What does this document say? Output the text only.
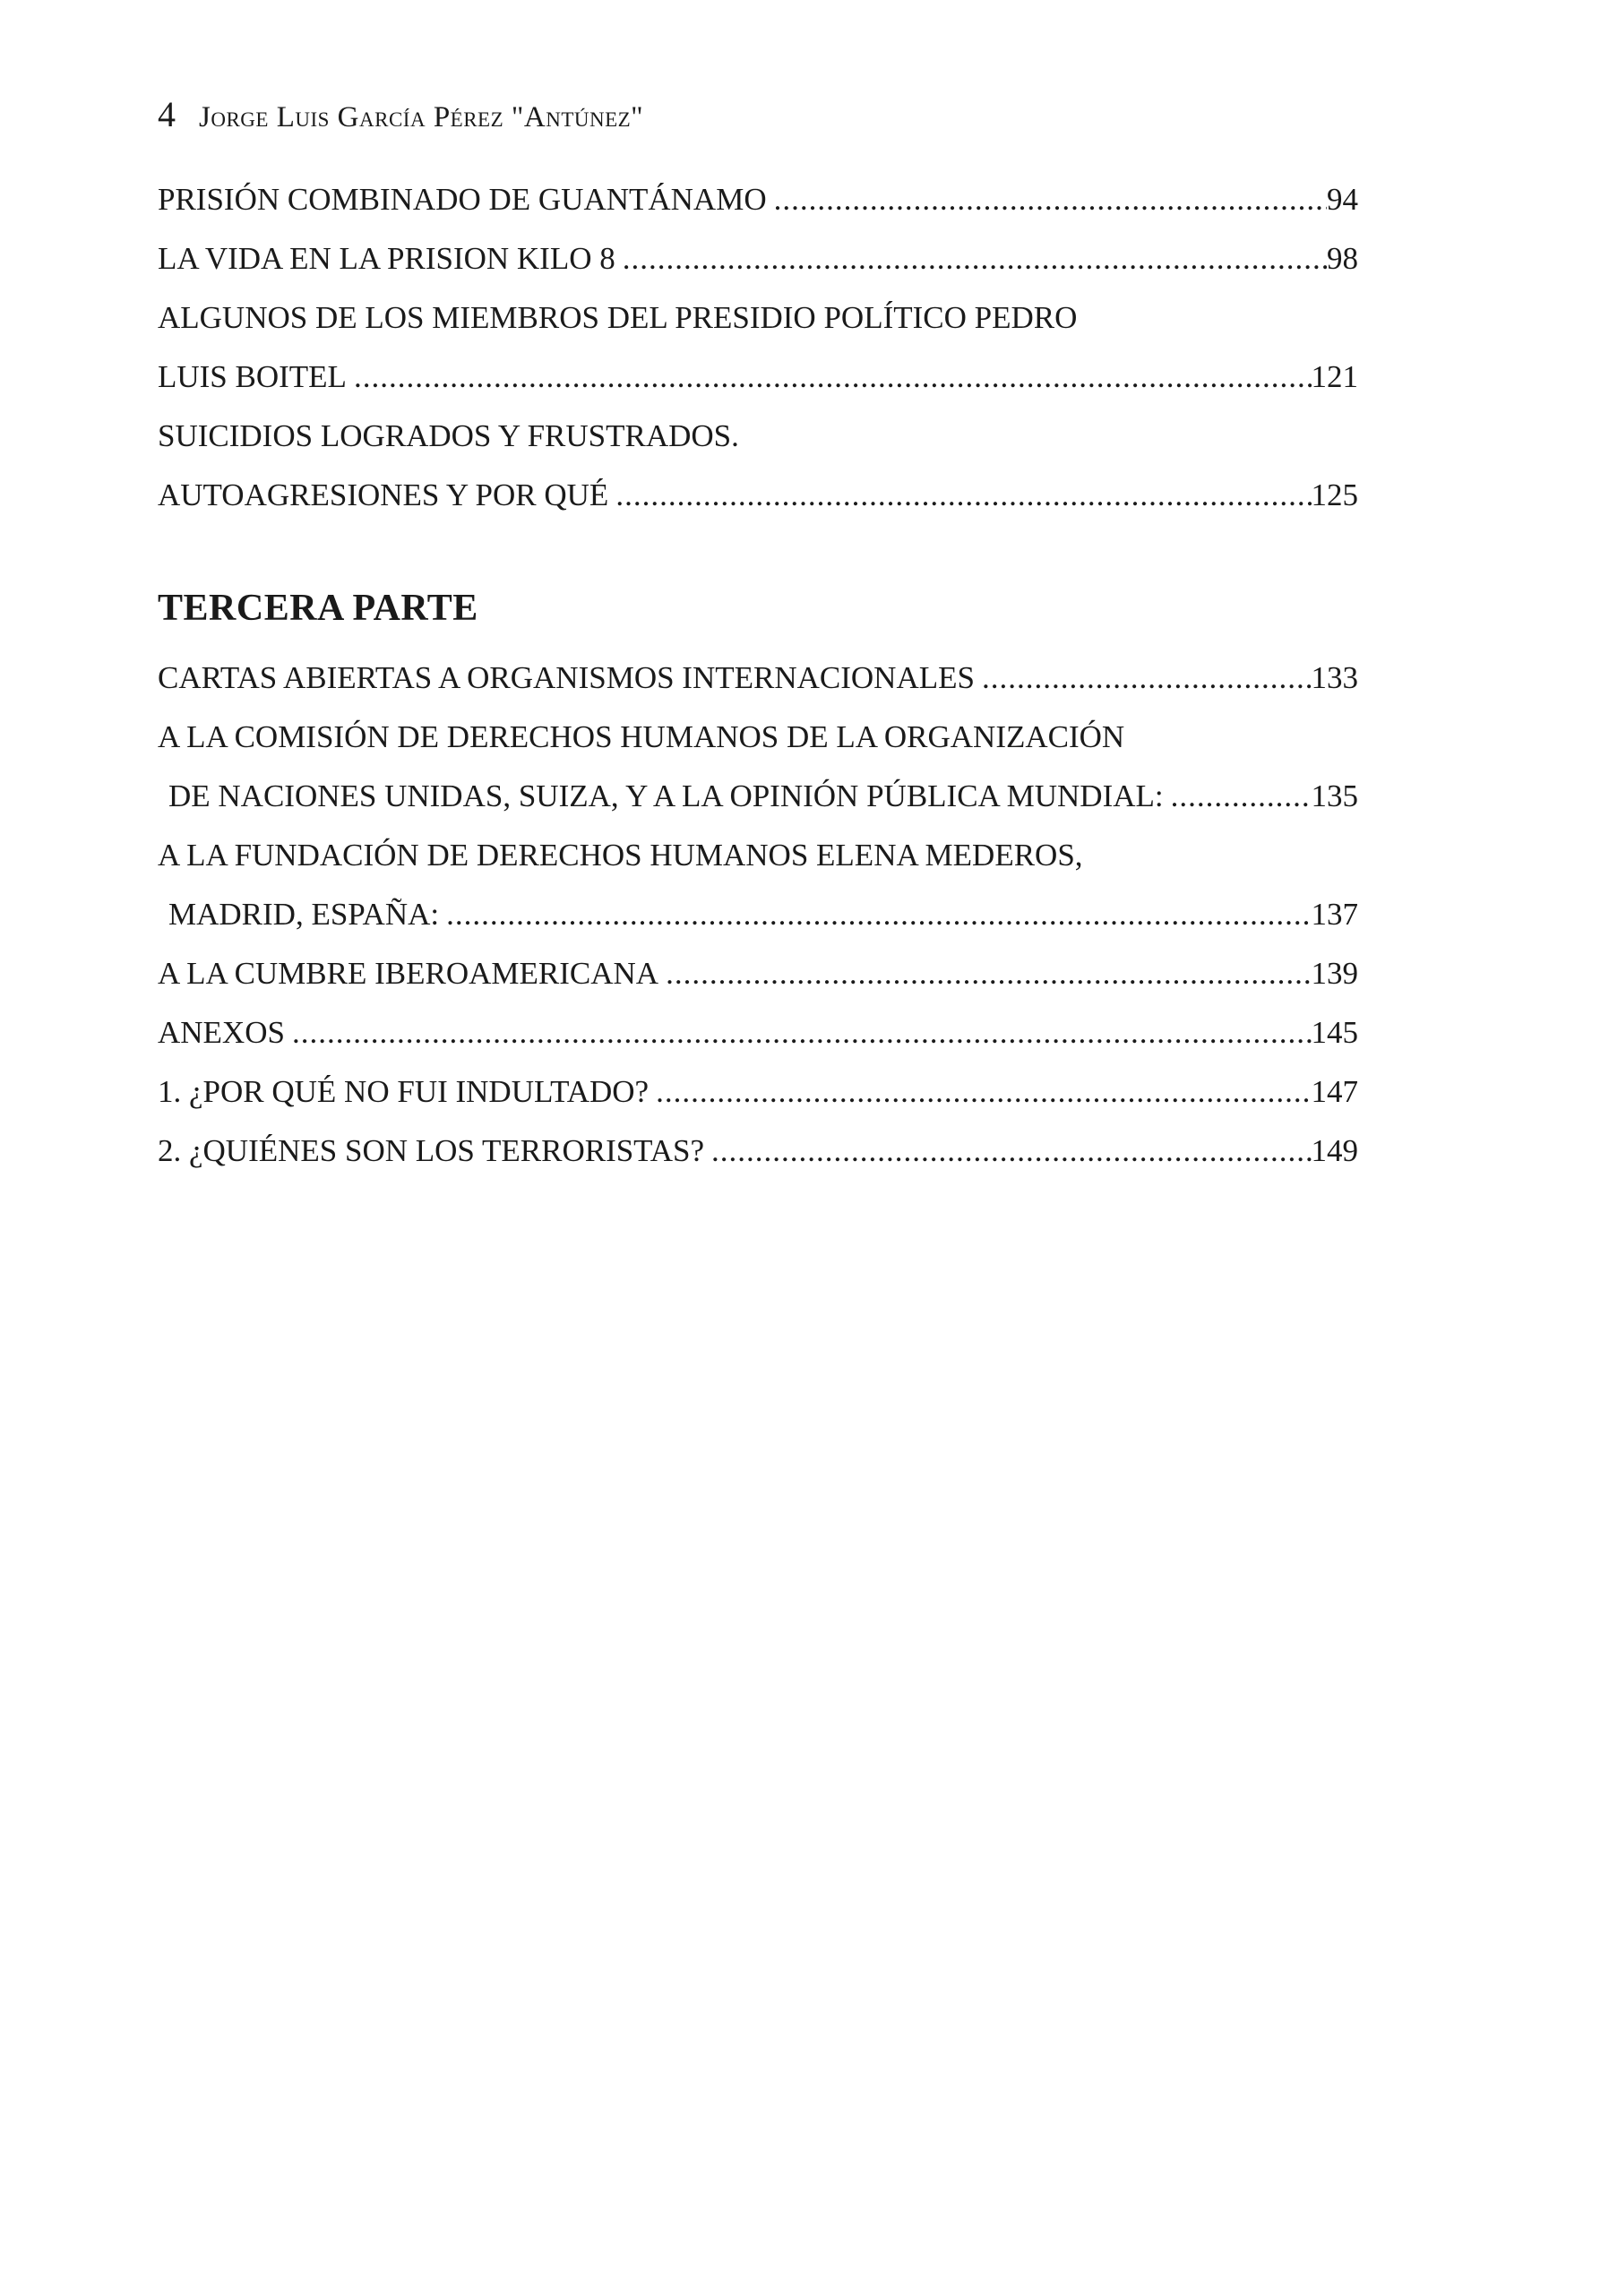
4 Jorge Luis García Pérez "Antúnez"
PRISIÓN COMBINADO DE GUANTÁNAMO .....	94
LA VIDA EN LA PRISION KILO 8 .....	98
ALGUNOS DE LOS MIEMBROS DEL PRESIDIO POLÍTICO PEDRO
LUIS BOITEL .....	121
SUICIDIOS LOGRADOS Y FRUSTRADOS.
AUTOAGRESIONES Y POR QUÉ .....	125
TERCERA PARTE
CARTAS ABIERTAS A ORGANISMOS INTERNACIONALES .....	133
A LA COMISIÓN DE DERECHOS HUMANOS DE LA ORGANIZACIÓN
DE NACIONES UNIDAS, SUIZA, Y A LA OPINIÓN PÚBLICA MUNDIAL: .....	135
A LA FUNDACIÓN DE DERECHOS HUMANOS ELENA MEDEROS,
MADRID, ESPAÑA: .....	137
A LA CUMBRE IBEROAMERICANA .....	139
ANEXOS .....	145
1. ¿POR QUÉ NO FUI INDULTADO? .....	147
2. ¿QUIÉNES SON LOS TERRORISTAS? .....	149
